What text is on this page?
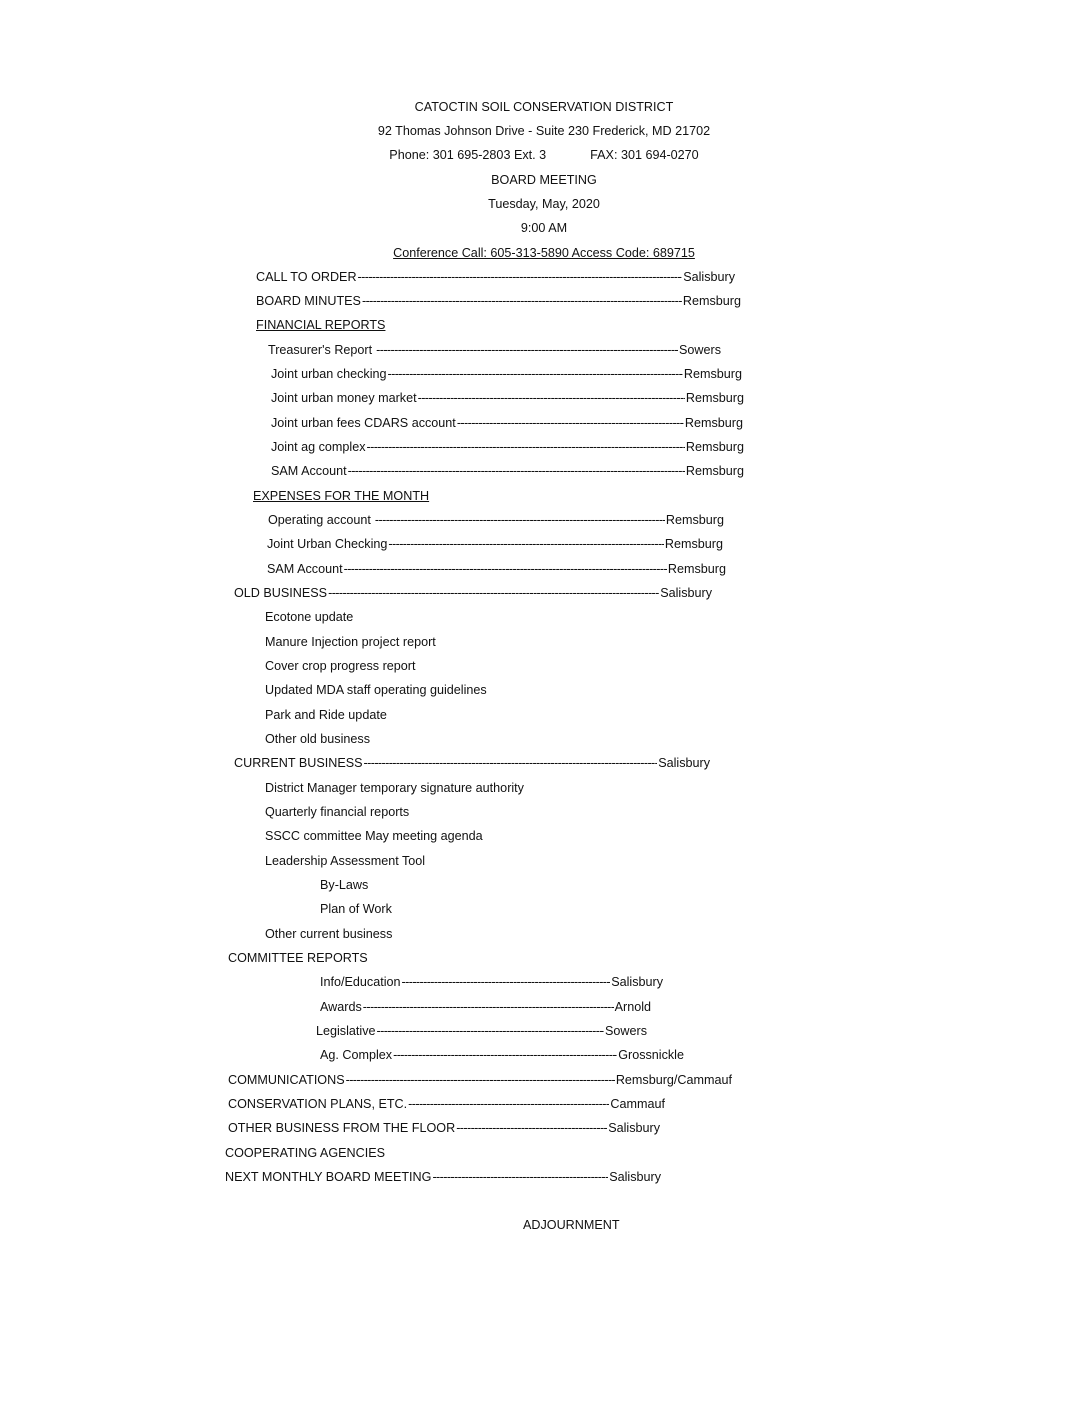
CATOCTIN SOIL CONSERVATION DISTRICT
92 Thomas Johnson Drive - Suite 230 Frederick, MD 21702
Phone: 301 695-2803 Ext. 3	FAX: 301 694-0270
BOARD MEETING
Tuesday, May, 2020
9:00 AM
Conference Call: 605-313-5890 Access Code: 689715
CALL TO ORDER -----	Salisbury
BOARD MINUTES -----	Remsburg
FINANCIAL REPORTS
Treasurer's Report -----	Sowers
Joint urban checking -----	Remsburg
Joint urban money market -----	Remsburg
Joint urban fees CDARS account -----	Remsburg
Joint ag complex -----	Remsburg
SAM Account -----	Remsburg
EXPENSES FOR THE MONTH
Operating account -----	Remsburg
Joint Urban Checking -----	Remsburg
SAM Account -----	Remsburg
OLD BUSINESS -----	Salisbury
Ecotone update
Manure Injection project report
Cover crop progress report
Updated MDA staff operating guidelines
Park and Ride update
Other old business
CURRENT BUSINESS -----	Salisbury
District Manager temporary signature authority
Quarterly financial reports
SSCC committee May meeting agenda
Leadership Assessment Tool
By-Laws
Plan of Work
Other current business
COMMITTEE REPORTS
Info/Education -----	Salisbury
Awards -----	Arnold
Legislative -----	Sowers
Ag. Complex -----	Grossnickle
COMMUNICATIONS -----	Remsburg/Cammauf
CONSERVATION PLANS, ETC. -----	Cammauf
OTHER BUSINESS FROM THE FLOOR -----	Salisbury
COOPERATING AGENCIES
NEXT MONTHLY BOARD MEETING -----	Salisbury
ADJOURNMENT
